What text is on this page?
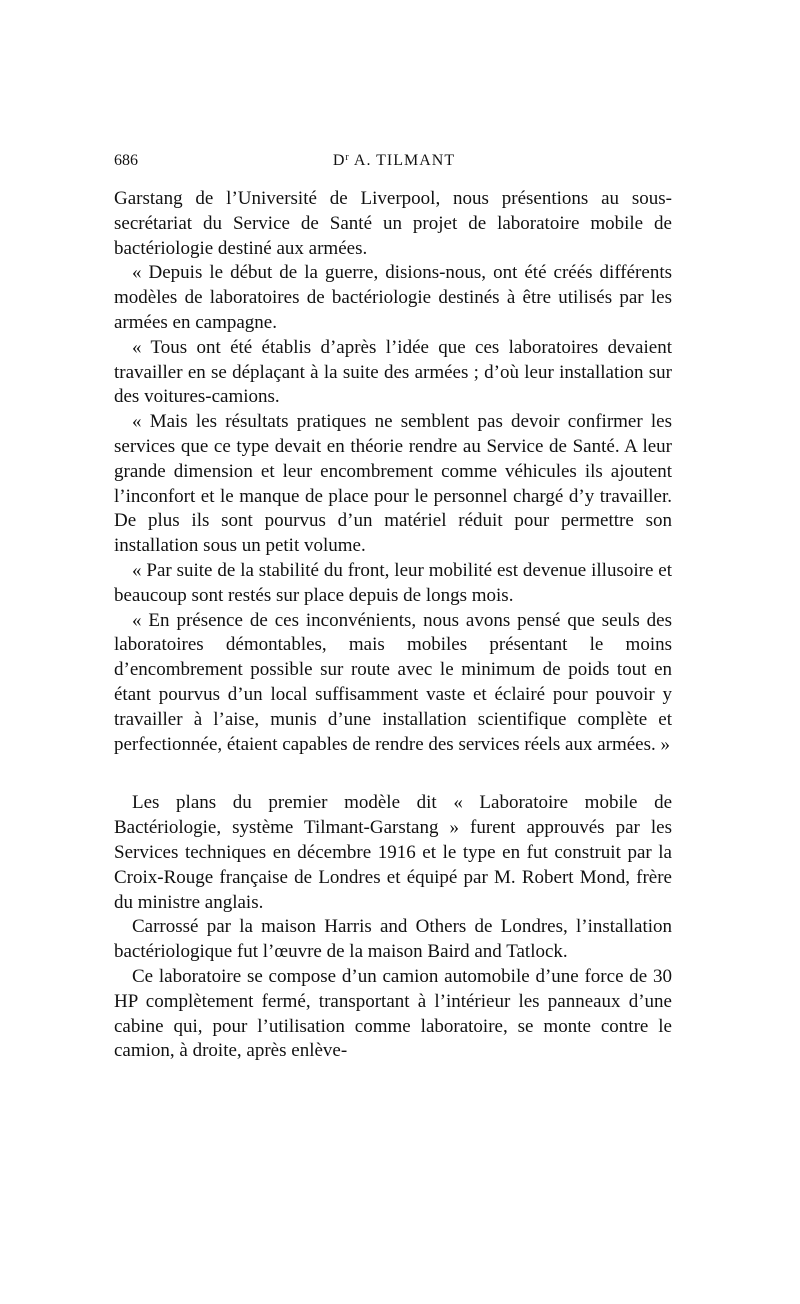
686	$D^r$ A. TILMANT

Garstang de l’Université de Liverpool, nous présentions au sous-secrétariat du Service de Santé un projet de laboratoire mobile de bactériologie destiné aux armées.

« Depuis le début de la guerre, disions-nous, ont été créés différents modèles de laboratoires de bactériologie destinés à être utilisés par les armées en campagne.

« Tous ont été établis d’après l’idée que ces laboratoires devaient travailler en se déplaçant à la suite des armées ; d’où leur installation sur des voitures-camions.

« Mais les résultats pratiques ne semblent pas devoir confirmer les services que ce type devait en théorie rendre au Service de Santé. A leur grande dimension et leur encombrement comme véhicules ils ajoutent l’inconfort et le manque de place pour le personnel chargé d’y travailler. De plus ils sont pourvus d’un matériel réduit pour permettre son installation sous un petit volume.

« Par suite de la stabilité du front, leur mobilité est devenue illusoire et beaucoup sont restés sur place depuis de longs mois.

« En présence de ces inconvénients, nous avons pensé que seuls des laboratoires démontables, mais mobiles présentant le moins d’encombrement possible sur route avec le minimum de poids tout en étant pourvus d’un local suffisamment vaste et éclairé pour pouvoir y travailler à l’aise, munis d’une installation scientifique complète et perfectionnée, étaient capables de rendre des services réels aux armées. »

Les plans du premier modèle dit « Laboratoire mobile de Bactériologie, système Tilmant-Garstang » furent approuvés par les Services techniques en décembre 1916 et le type en fut construit par la Croix-Rouge française de Londres et équipé par M. Robert Mond, frère du ministre anglais.

Carrossé par la maison Harris and Others de Londres, l’installation bactériologique fut l’œuvre de la maison Baird and Tatlock.

Ce laboratoire se compose d’un camion automobile d’une force de 30 HP complètement fermé, transportant à l’intérieur les panneaux d’une cabine qui, pour l’utilisation comme laboratoire, se monte contre le camion, à droite, après enlève-
